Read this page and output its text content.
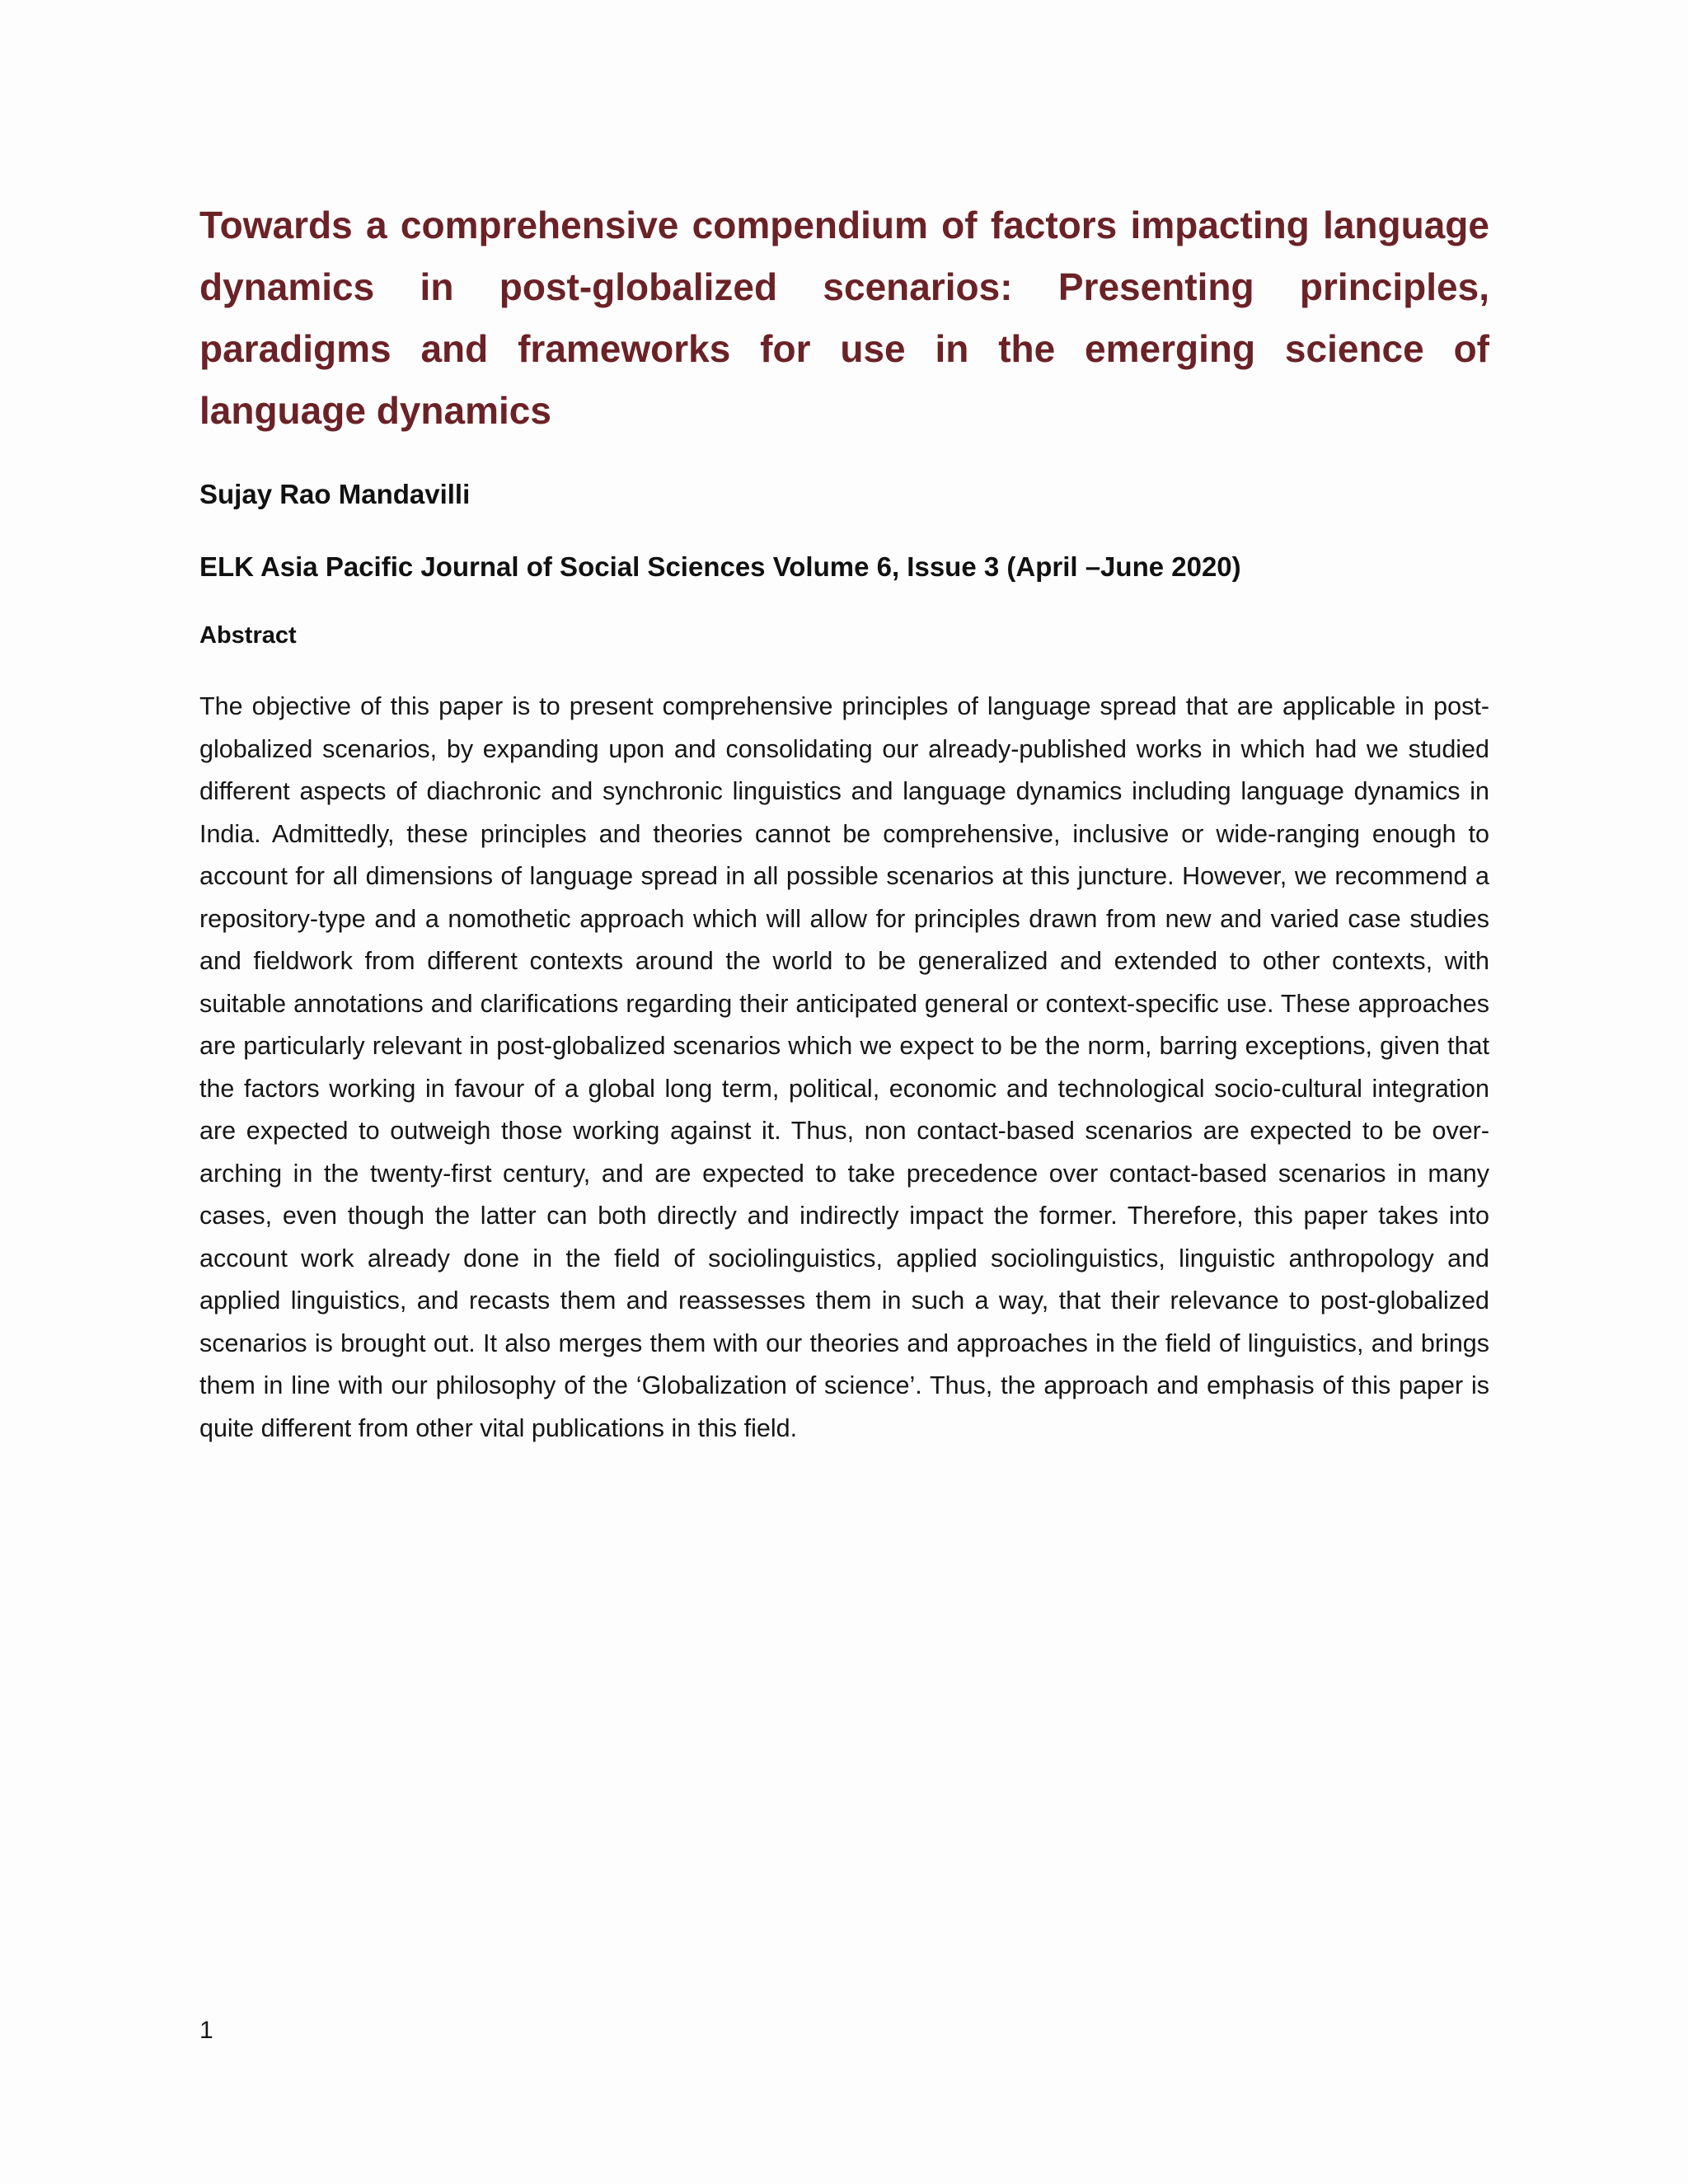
Towards a comprehensive compendium of factors impacting language dynamics in post-globalized scenarios: Presenting principles, paradigms and frameworks for use in the emerging science of language dynamics
Sujay Rao Mandavilli
ELK Asia Pacific Journal of Social Sciences Volume 6, Issue 3 (April –June 2020)
Abstract

The objective of this paper is to present comprehensive principles of language spread that are applicable in post-globalized scenarios, by expanding upon and consolidating our already-published works in which had we studied different aspects of diachronic and synchronic linguistics and language dynamics including language dynamics in India. Admittedly, these principles and theories cannot be comprehensive, inclusive or wide-ranging enough to account for all dimensions of language spread in all possible scenarios at this juncture. However, we recommend a repository-type and a nomothetic approach which will allow for principles drawn from new and varied case studies and fieldwork from different contexts around the world to be generalized and extended to other contexts, with suitable annotations and clarifications regarding their anticipated general or context-specific use. These approaches are particularly relevant in post-globalized scenarios which we expect to be the norm, barring exceptions, given that the factors working in favour of a global long term, political, economic and technological socio-cultural integration are expected to outweigh those working against it. Thus, non contact-based scenarios are expected to be over-arching in the twenty-first century, and are expected to take precedence over contact-based scenarios in many cases, even though the latter can both directly and indirectly impact the former. Therefore, this paper takes into account work already done in the field of sociolinguistics, applied sociolinguistics, linguistic anthropology and applied linguistics, and recasts them and reassesses them in such a way, that their relevance to post-globalized scenarios is brought out. It also merges them with our theories and approaches in the field of linguistics, and brings them in line with our philosophy of the ‘Globalization of science’. Thus, the approach and emphasis of this paper is quite different from other vital publications in this field.

1
